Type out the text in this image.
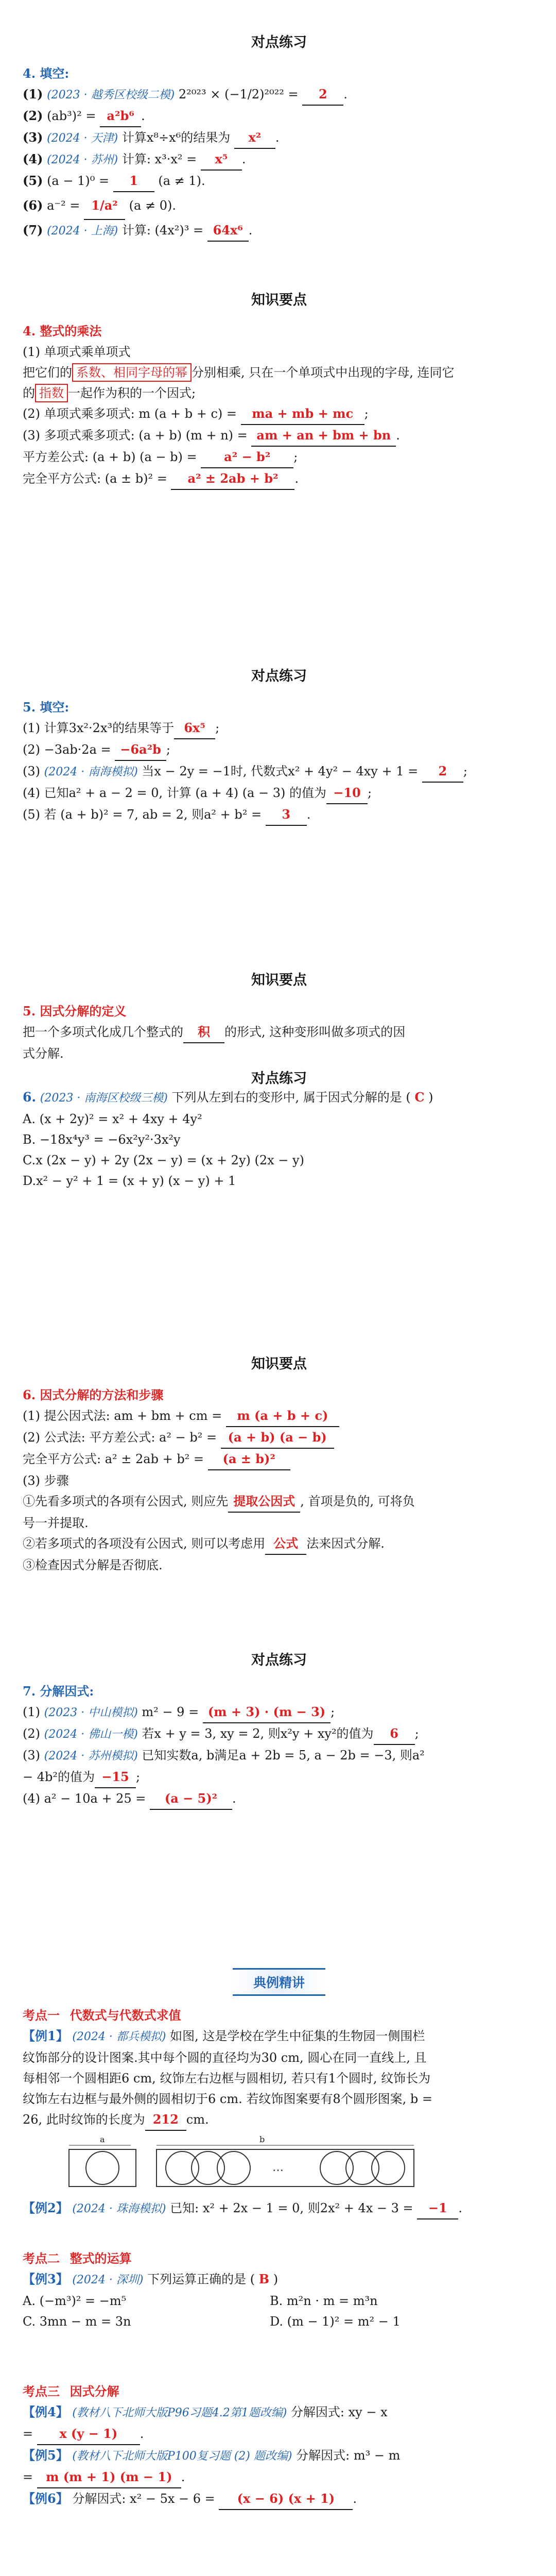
对点练习
4. 填空:
(1) (2023 · 越秀区校级二模) 2²⁰²³ × (−1/2)²⁰²² = 2 .
(2) (ab³)² = a²b⁶ .
(3) (2024 · 天津) 计算x⁸÷x⁶的结果为 x² .
(4) (2024 · 苏州) 计算: x³·x² = x⁵ .
(5) (a − 1)⁰ = 1 (a ≠ 1).
(6) a⁻² = 1/a² (a ≠ 0).
(7) (2024 · 上海) 计算: (4x²)³ = 64x⁶ .
知识要点
4. 整式的乘法
(1) 单项式乘单项式
把它们的 系数、相同字母的幂 分别相乘, 只在一个单项式中出现的字母, 连同它
的 指数 一起作为积的一个因式;
(2) 单项式乘多项式: m (a + b + c) = ma + mb + mc ;
(3) 多项式乘多项式: (a + b) (m + n) = am + an + bm + bn .
平方差公式: (a + b) (a − b) = a² − b² ;
完全平方公式: (a ± b)² = a² ± 2ab + b² .
对点练习
5. 填空:
(1) 计算3x²·2x³的结果等于 6x⁵ ;
(2) −3ab·2a = −6a²b ;
(3) (2024 · 南海模拟) 当x − 2y = −1时, 代数式x² + 4y² − 4xy + 1 = 2 ;
(4) 已知a² + a − 2 = 0, 计算 (a + 4) (a − 3) 的值为 −10 ;
(5) 若 (a + b)² = 7, ab = 2, 则a² + b² = 3 .
知识要点
5. 因式分解的定义
把一个多项式化成几个整式的 积 的形式, 这种变形叫做多项式的因
式分解.
对点练习
6. (2023 · 南海区校级三模) 下列从左到右的变形中, 属于因式分解的是 ( C )
A. (x + 2y)² = x² + 4xy + 4y²
B. −18x⁴y³ = −6x²y²·3x²y
C.x (2x − y) + 2y (2x − y) = (x + 2y) (2x − y)
D.x² − y² + 1 = (x + y) (x − y) + 1
知识要点
6. 因式分解的方法和步骤
(1) 提公因式法: am + bm + cm = m (a + b + c)
(2) 公式法: 平方差公式: a² − b² = (a + b) (a − b)
完全平方公式: a² ± 2ab + b² = (a ± b)²
(3) 步骤
①先看多项式的各项有公因式, 则应先 提取公因式 , 首项是负的, 可将负
号一并提取.
②若多项式的各项没有公因式, 则可以考虑用 公式 法来因式分解.
③检查因式分解是否彻底.
对点练习
7. 分解因式:
(1) (2023 · 中山模拟) m² − 9 = (m + 3) · (m − 3) ;
(2) (2024 · 佛山一模) 若x + y = 3, xy = 2, 则x²y + xy²的值为 6 ;
(3) (2024 · 苏州模拟) 已知实数a, b满足a + 2b = 5, a − 2b = −3, 则a²
− 4b²的值为 −15 ;
(4) a² − 10a + 25 = (a − 5)² .
典例精讲
考点一 代数式与代数式求值
【例1】 (2024 · 都兵模拟) 如图, 这是学校在学生中征集的生物园一侧围栏
纹饰部分的设计图案.其中每个圆的直径均为30 cm, 圆心在同一直线上, 且
每相邻一个圆相距6 cm, 纹饰左右边框与圆相切, 若只有1个圆时, 纹饰长为
纹饰左右边框与最外侧的圆相切于6 cm. 若纹饰图案要有8个圆形图案, b =
26, 此时纹饰的长度为 212 cm.
a	b
…
【例2】 (2024 · 珠海模拟) 已知: x² + 2x − 1 = 0, 则2x² + 4x − 3 = −1 .
考点二 整式的运算
【例3】 (2024 · 深圳) 下列运算正确的是 ( B )
A. (−m³)² = −m⁵	B. m²n · m = m³n
C. 3mn − m = 3n	D. (m − 1)² = m² − 1
考点三 因式分解
【例4】 (教材八下北师大版P96习题4.2第1题改编) 分解因式: xy − x
= x (y − 1) .
【例5】 (教材八下北师大版P100复习题 (2) 题改编) 分解因式: m³ − m
= m (m + 1) (m − 1) .
【例6】 分解因式: x² − 5x − 6 = (x − 6) (x + 1) .
